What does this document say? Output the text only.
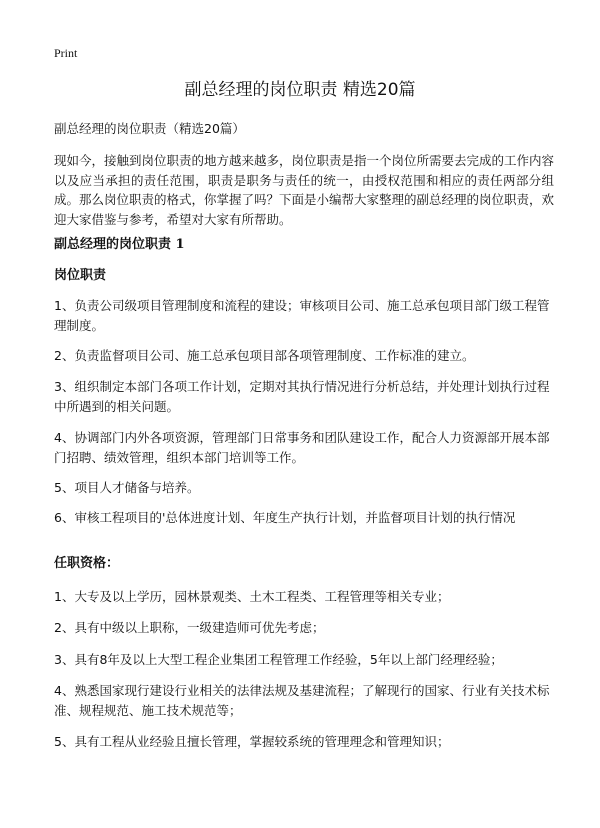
Print
副总经理的岗位职责 精选20篇
副总经理的岗位职责（精选20篇）
现如今，接触到岗位职责的地方越来越多，岗位职责是指一个岗位所需要去完成的工作内容以及应当承担的责任范围，职责是职务与责任的统一，由授权范围和相应的责任两部分组成。那么岗位职责的格式，你掌握了吗？下面是小编帮大家整理的副总经理的岗位职责，欢迎大家借鉴与参考，希望对大家有所帮助。
副总经理的岗位职责 1
岗位职责
1、负责公司级项目管理制度和流程的建设；审核项目公司、施工总承包项目部门级工程管理制度。
2、负责监督项目公司、施工总承包项目部各项管理制度、工作标准的建立。
3、组织制定本部门各项工作计划，定期对其执行情况进行分析总结，并处理计划执行过程中所遇到的相关问题。
4、协调部门内外各项资源，管理部门日常事务和团队建设工作，配合人力资源部开展本部门招聘、绩效管理，组织本部门培训等工作。
5、项目人才储备与培养。
6、审核工程项目的'总体进度计划、年度生产执行计划，并监督项目计划的执行情况
任职资格：
1、大专及以上学历，园林景观类、土木工程类、工程管理等相关专业；
2、具有中级以上职称，一级建造师可优先考虑；
3、具有8年及以上大型工程企业集团工程管理工作经验，5年以上部门经理经验；
4、熟悉国家现行建设行业相关的法律法规及基建流程；了解现行的国家、行业有关技术标准、规程规范、施工技术规范等；
5、具有工程从业经验且擅长管理，掌握较系统的管理理念和管理知识；
